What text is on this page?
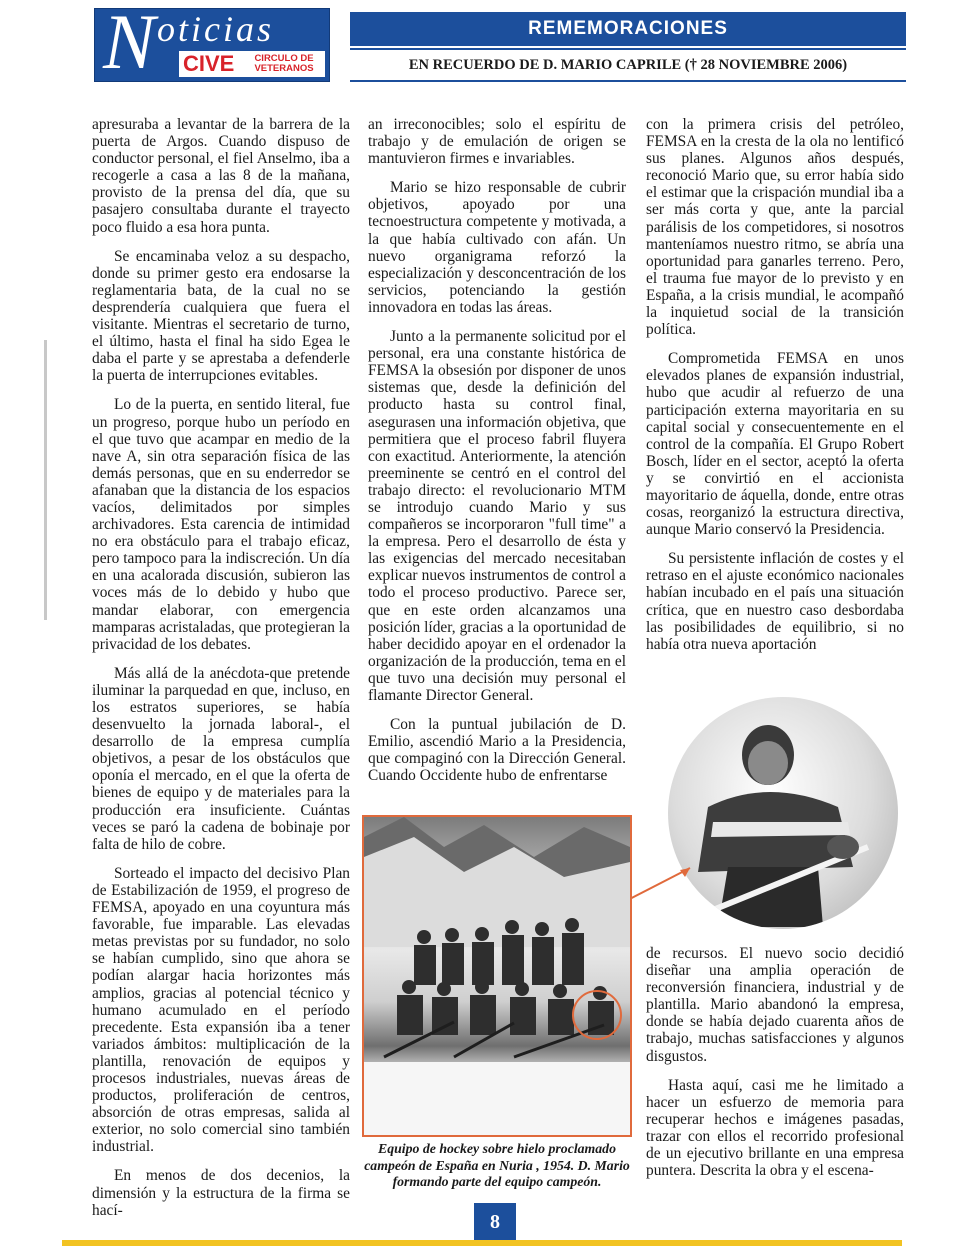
N oticias
CIVE	CIRCULO DE VETERANOS
REMEMORACIONES
EN RECUERDO DE D. MARIO CAPRILE († 28 NOVIEMBRE 2006)

apresuraba a levantar de la barrera de la puerta de Argos. Cuando dispuso de conductor personal, el fiel Anselmo, iba a recogerle a casa a las 8 de la mañana, provisto de la prensa del día, que su pasajero consultaba durante el trayecto poco fluido a esa hora punta.

Se encaminaba veloz a su despacho, donde su primer gesto era endosarse la reglamentaria bata, de la cual no se desprendería cualquiera que fuera el visitante. Mientras el secretario de turno, el último, hasta el final ha sido Egea le daba el parte y se aprestaba a defenderle la puerta de interrupciones evitables.

Lo de la puerta, en sentido literal, fue un progreso, porque hubo un período en el que tuvo que acampar en medio de la nave A, sin otra separación física de las demás personas, que en su enderredor se afanaban que la distancia de los espacios vacíos, delimitados por simples archivadores. Esta carencia de intimidad no era obstáculo para el trabajo eficaz, pero tampoco para la indiscreción. Un día en una acalorada discusión, subieron las voces más de lo debido y hubo que mandar elaborar, con emergencia mamparas acristaladas, que protegieran la privacidad de los debates.

Más allá de la anécdota-que pretende iluminar la parquedad en que, incluso, en los estratos superiores, se había desenvuelto la jornada laboral-, el desarrollo de la empresa cumplía objetivos, a pesar de los obstáculos que oponía el mercado, en el que la oferta de bienes de equipo y de materiales para la producción era insuficiente. Cuántas veces se paró la cadena de bobinaje por falta de hilo de cobre.

Sorteado el impacto del decisivo Plan de Estabilización de 1959, el progreso de FEMSA, apoyado en una coyuntura más favorable, fue imparable. Las elevadas metas previstas por su fundador, no solo se habían cumplido, sino que ahora se podían alargar hacia horizontes más amplios, gracias al potencial técnico y humano acumulado en el período precedente. Esta expansión iba a tener variados ámbitos: multiplicación de la plantilla, renovación de equipos y procesos industriales, nuevas áreas de productos, proliferación de centros, absorción de otras empresas, salida al exterior, no solo comercial sino también industrial.

En menos de dos decenios, la dimensión y la estructura de la firma se hací-

an irreconocibles; solo el espíritu de trabajo y de emulación de origen se mantuvieron firmes e invariables.

Mario se hizo responsable de cubrir objetivos, apoyado por una tecnoestructura competente y motivada, a la que había cultivado con afán. Un nuevo organigrama reforzó la especialización y desconcentración de los servicios, potenciando la gestión innovadora en todas las áreas.

Junto a la permanente solicitud por el personal, era una constante histórica de FEMSA la obsesión por disponer de unos sistemas que, desde la definición del producto hasta su control final, asegurasen una información objetiva, que permitiera que el proceso fabril fluyera con exactitud. Anteriormente, la atención preeminente se centró en el control del trabajo directo: el revolucionario MTM se introdujo cuando Mario y sus compañeros se incorporaron "full time" a la empresa. Pero el desarrollo de ésta y las exigencias del mercado necesitaban explicar nuevos instrumentos de control a todo el proceso productivo. Parece ser, que en este orden alcanzamos una posición líder, gracias a la oportunidad de haber decidido apoyar en el ordenador la organización de la producción, tema en el que tuvo una decisión muy personal el flamante Director General.

Con la puntual jubilación de D. Emilio, ascendió Mario a la Presidencia, que compaginó con la Dirección General. Cuando Occidente hubo de enfrentarse

con la primera crisis del petróleo, FEMSA en la cresta de la ola no lentificó sus planes. Algunos años después, reconoció Mario que, su error había sido el estimar que la crispación mundial iba a ser más corta y que, ante la parcial parálisis de los competidores, si nosotros manteníamos nuestro ritmo, se abría una oportunidad para ganarles terreno. Pero, el trauma fue mayor de lo previsto y en España, a la crisis mundial, le acompañó la inquietud social de la transición política.

Comprometida FEMSA en unos elevados planes de expansión industrial, hubo que acudir al refuerzo de una participación externa mayoritaria en su capital social y consecuentemente en el control de la compañía. El Grupo Robert Bosch, líder en el sector, aceptó la oferta y se convirtió en el accionista mayoritario de áquella, donde, entre otras cosas, reorganizó la estructura directiva, aunque Mario conservó la Presidencia.

Su persistente inflación de costes y el retraso en el ajuste económico nacionales habían incubado en el país una situación crítica, que en nuestro caso desbordaba las posibilidades de equilibrio, si no había otra nueva aportación

de recursos. El nuevo socio decidió diseñar una amplia operación de reconversión financiera, industrial y de plantilla. Mario abandonó la empresa, donde se había dejado cuarenta años de trabajo, muchas satisfacciones y algunos disgustos.

Hasta aquí, casi me he limitado a hacer un esfuerzo de memoria para recuperar hechos e imágenes pasadas, trazar con ellos el recorrido profesional de un ejecutivo brillante en una empresa puntera. Descrita la obra y el escena-

Equipo de hockey sobre hielo proclamado campeón de España en Nuria , 1954. D. Mario formando parte del equipo campeón.
8
